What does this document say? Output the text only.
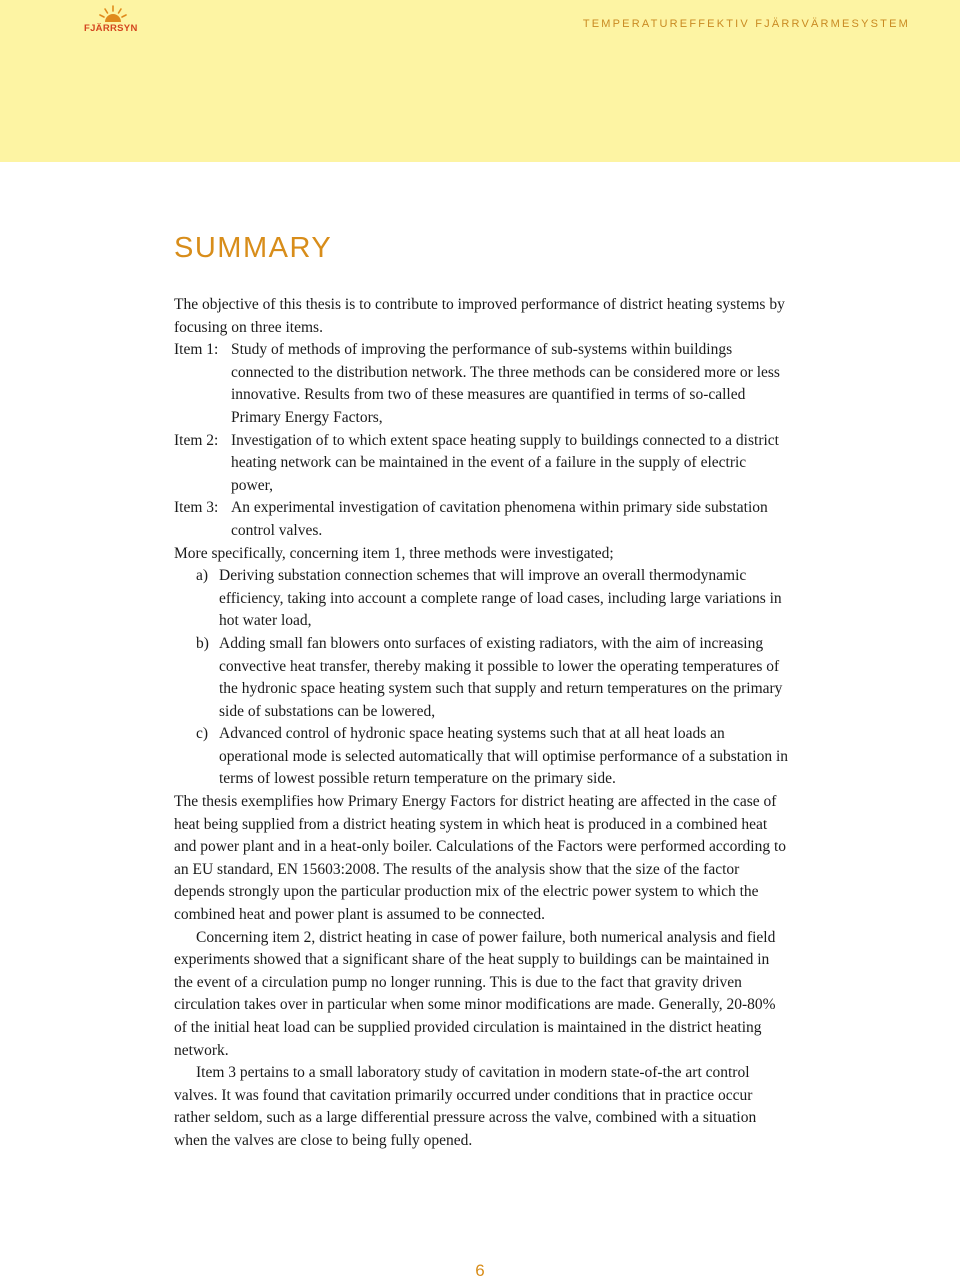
FJÄRRSYN	TEMPERATUREFFEKTIV FJÄRRVÄRMESYSTEM
SUMMARY

The objective of this thesis is to contribute to improved performance of district heating systems by focusing on three items.

Item 1: Study of methods of improving the performance of sub-systems within buildings connected to the distribution network. The three methods can be considered more or less innovative. Results from two of these measures are quantified in terms of so-called Primary Energy Factors,
Item 2: Investigation of to which extent space heating supply to buildings connected to a district heating network can be maintained in the event of a failure in the supply of electric power,
Item 3: An experimental investigation of cavitation phenomena within primary side substation control valves.

More specifically, concerning item 1, three methods were investigated;

a) Deriving substation connection schemes that will improve an overall thermodynamic efficiency, taking into account a complete range of load cases, including large variations in hot water load,
b) Adding small fan blowers onto surfaces of existing radiators, with the aim of increasing convective heat transfer, thereby making it possible to lower the operating temperatures of the hydronic space heating system such that supply and return temperatures on the primary side of substations can be lowered,
c) Advanced control of hydronic space heating systems such that at all heat loads an operational mode is selected automatically that will optimise performance of a substation in terms of lowest possible return temperature on the primary side.

The thesis exemplifies how Primary Energy Factors for district heating are affected in the case of heat being supplied from a district heating system in which heat is produced in a combined heat and power plant and in a heat-only boiler. Calculations of the Factors were performed according to an EU standard, EN 15603:2008. The results of the analysis show that the size of the factor depends strongly upon the particular production mix of the electric power system to which the combined heat and power plant is assumed to be connected.

Concerning item 2, district heating in case of power failure, both numerical analysis and field experiments showed that a significant share of the heat supply to buildings can be maintained in the event of a circulation pump no longer running. This is due to the fact that gravity driven circulation takes over in particular when some minor modifications are made. Generally, 20-80% of the initial heat load can be supplied provided circulation is maintained in the district heating network.

Item 3 pertains to a small laboratory study of cavitation in modern state-of-the art control valves. It was found that cavitation primarily occurred under conditions that in practice occur rather seldom, such as a large differential pressure across the valve, combined with a situation when the valves are close to being fully opened.

6
